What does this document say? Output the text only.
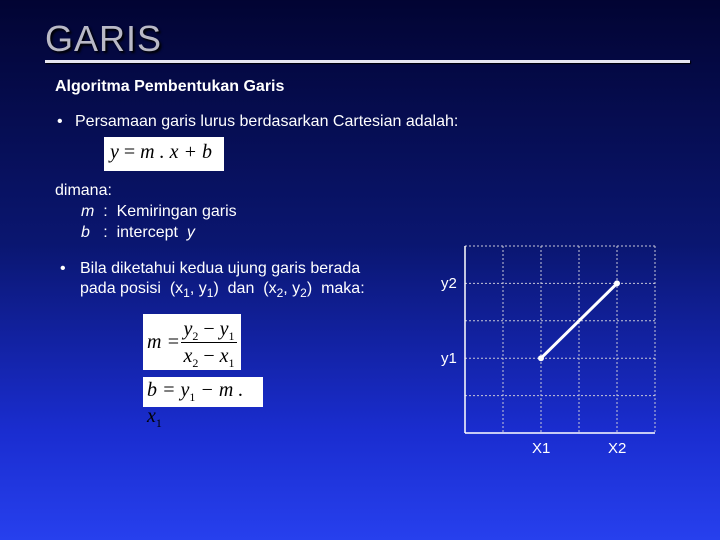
GARIS
Algoritma Pembentukan Garis
• Persamaan garis lurus berdasarkan Cartesian adalah:
y = m . x + b
dimana:
m : Kemiringan garis
b : intercept y
• Bila diketahui kedua ujung garis berada
pada posisi ($x_1$, $y_1$) dan ($x_2$, $y_2$) maka:
m =
$y_2 - y_1$
$x_2 - x_1$
$b = y_1 - m$ . $x_1$
y2
y1
X1	X2
